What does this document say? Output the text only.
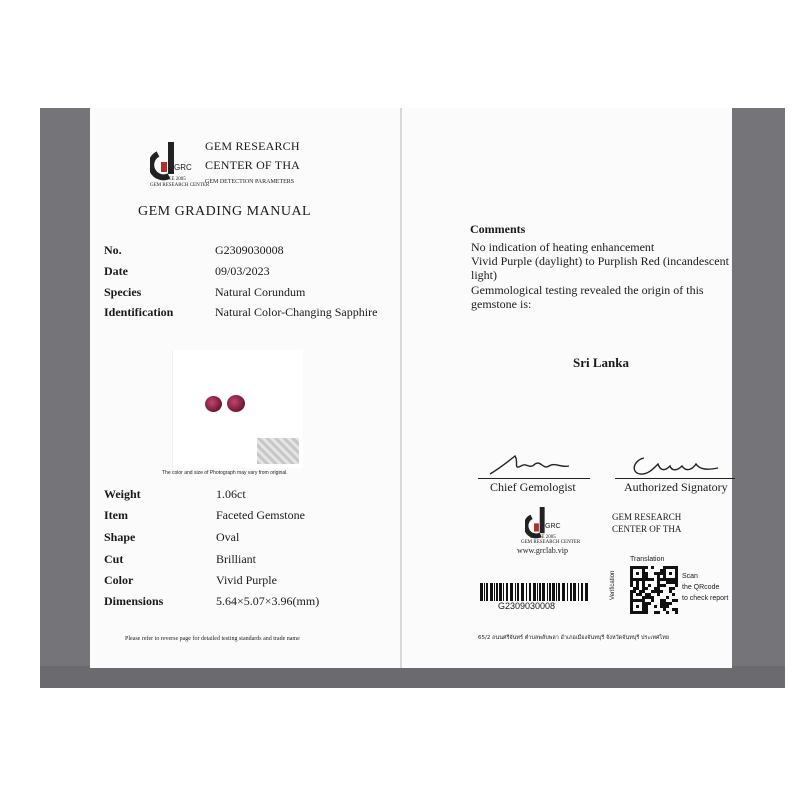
GRC
SINCE 2005
GEM RESEARCH CENTER
GEM RESEARCH
CENTER OF THA
GEM DETECTION PARAMETERS
GEM GRADING MANUAL
No.	G2309030008
Date	09/03/2023
Species	Natural Corundum
Identification	Natural Color-Changing Sapphire
The color and size of Photograph may vary from original.
Weight	1.06ct
Item	Faceted Gemstone
Shape	Oval
Cut	Brilliant
Color	Vivid Purple
Dimensions	5.64×5.07×3.96(mm)
Please refer to reverse page for detailed testing standards and trade name
Comments
No indication of heating enhancement
Vivid Purple (daylight) to Purplish Red (incandescent
light)
Gemmological testing revealed the origin of this
gemstone is:
Sri Lanka
Chief Gemologist	Authorized Signatory
GRC
SINCE 2005
GEM RESEARCH CENTER
www.grclab.vip
GEM RESEARCH
CENTER OF THA
G2309030008
Translation
Verification	Scan
the QRcode
to check report
65/2 ถนนศรีจันทร์ ตำบลพลับพลา อำเภอเมืองจันทบุรี จังหวัดจันทบุรี ประเทศไทย
